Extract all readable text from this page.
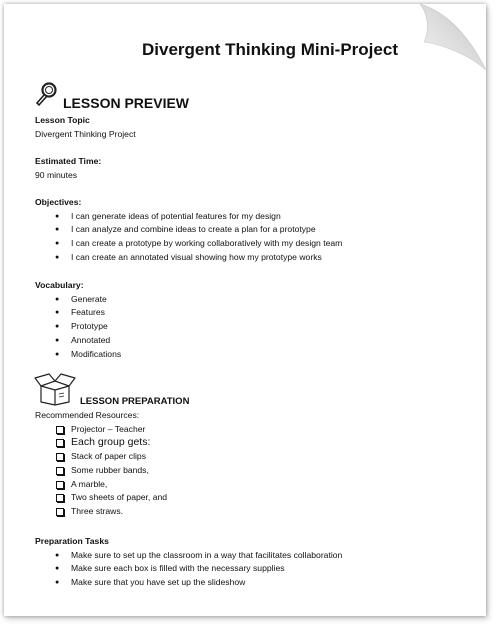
Divergent Thinking Mini-Project
LESSON PREVIEW
Lesson Topic
Divergent Thinking Project
Estimated Time:
90 minutes
Objectives:
● I can generate ideas of potential features for my design
● I can analyze and combine ideas to create a plan for a prototype
● I can create a prototype by working collaboratively with my design team
● I can create an annotated visual showing how my prototype works
Vocabulary:
● Generate
● Features
● Prototype
● Annotated
● Modifications
LESSON PREPARATION
Recommended Resources:
Projector – Teacher
Each group gets:
Stack of paper clips
Some rubber bands,
A marble,
Two sheets of paper, and
Three straws.
Preparation Tasks
● Make sure to set up the classroom in a way that facilitates collaboration
● Make sure each box is filled with the necessary supplies
● Make sure that you have set up the slideshow
